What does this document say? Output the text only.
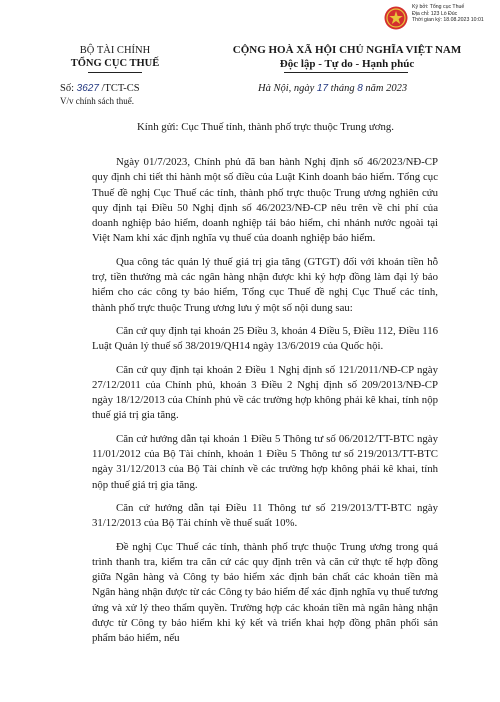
Ký bởi: Tổng cục Thuế
Địa chỉ: 123 Lò Đúc
Thời gian ký: 18.08.2023 10:01
BỘ TÀI CHÍNH
TỔNG CỤC THUẾ
CỘNG HOÀ XÃ HỘI CHỦ NGHĨA VIỆT NAM
Độc lập - Tự do - Hạnh phúc
Số: 3627 /TCT-CS
V/v chính sách thuế.
Hà Nội, ngày 17 tháng 8 năm 2023
Kính gửi: Cục Thuế tỉnh, thành phố trực thuộc Trung ương.

Ngày 01/7/2023, Chính phủ đã ban hành Nghị định số 46/2023/NĐ-CP quy định chi tiết thi hành một số điều của Luật Kinh doanh bảo hiểm. Tổng cục Thuế đề nghị Cục Thuế các tỉnh, thành phố trực thuộc Trung ương nghiên cứu quy định tại Điều 50 Nghị định số 46/2023/NĐ-CP nêu trên về chi phí của doanh nghiệp bảo hiểm, doanh nghiệp tái bảo hiểm, chi nhánh nước ngoài tại Việt Nam khi xác định nghĩa vụ thuế của doanh nghiệp bảo hiểm.

Qua công tác quản lý thuế giá trị gia tăng (GTGT) đối với khoản tiền hỗ trợ, tiền thưởng mà các ngân hàng nhận được khi ký hợp đồng làm đại lý bảo hiểm cho các công ty bảo hiểm, Tổng cục Thuế đề nghị Cục Thuế các tỉnh, thành phố trực thuộc Trung ương lưu ý một số nội dung sau:

Căn cứ quy định tại khoản 25 Điều 3, khoản 4 Điều 5, Điều 112, Điều 116 Luật Quản lý thuế số 38/2019/QH14 ngày 13/6/2019 của Quốc hội.

Căn cứ quy định tại khoản 2 Điều 1 Nghị định số 121/2011/NĐ-CP ngày 27/12/2011 của Chính phủ, khoản 3 Điều 2 Nghị định số 209/2013/NĐ-CP ngày 18/12/2013 của Chính phủ về các trường hợp không phải kê khai, tính nộp thuế giá trị gia tăng.

Căn cứ hướng dẫn tại khoản 1 Điều 5 Thông tư số 06/2012/TT-BTC ngày 11/01/2012 của Bộ Tài chính, khoản 1 Điều 5 Thông tư số 219/2013/TT-BTC ngày 31/12/2013 của Bộ Tài chính về các trường hợp không phải kê khai, tính nộp thuế giá trị gia tăng.

Căn cứ hướng dẫn tại Điều 11 Thông tư số 219/2013/TT-BTC ngày 31/12/2013 của Bộ Tài chính về thuế suất 10%.

Đề nghị Cục Thuế các tỉnh, thành phố trực thuộc Trung ương trong quá trình thanh tra, kiểm tra căn cứ các quy định trên và căn cứ thực tế hợp đồng giữa Ngân hàng và Công ty bảo hiểm xác định bản chất các khoản tiền mà Ngân hàng nhận được từ các Công ty bảo hiểm để xác định nghĩa vụ thuế tương ứng và xử lý theo thẩm quyền. Trường hợp các khoản tiền mà ngân hàng nhận được từ Công ty bảo hiểm khi ký kết và triển khai hợp đồng phân phối sản phẩm bảo hiểm, nếu
